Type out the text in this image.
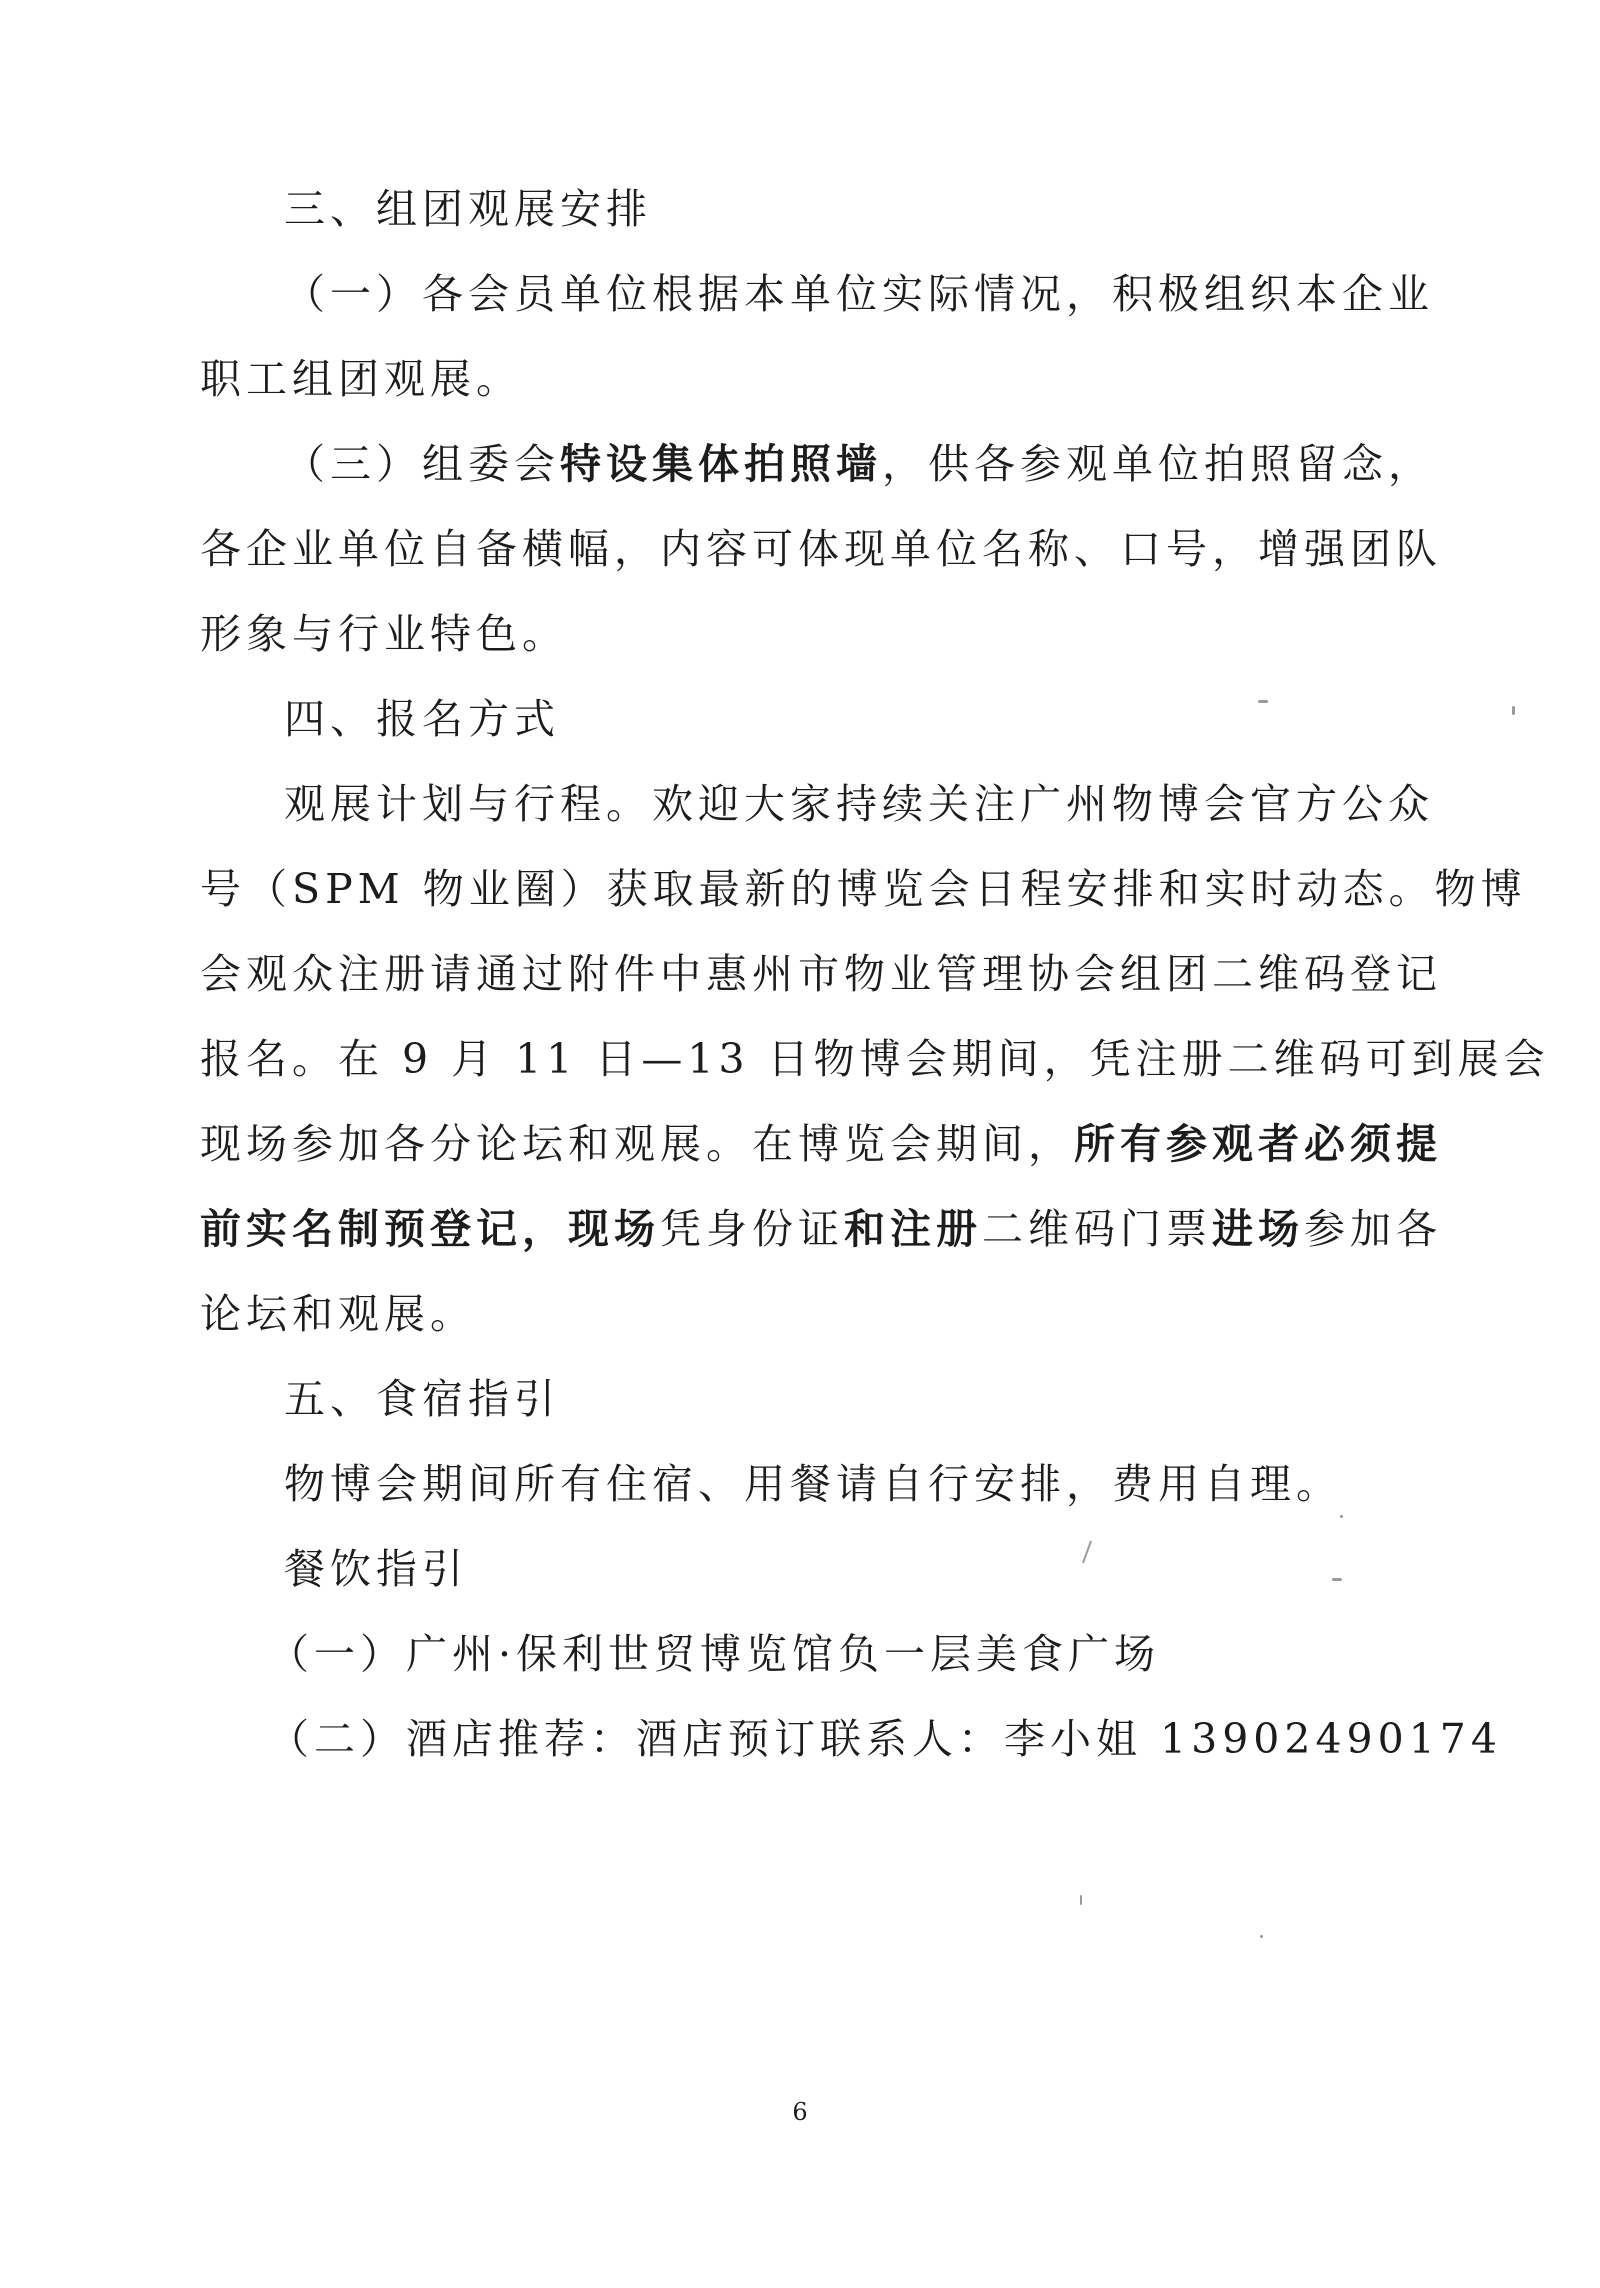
三、组团观展安排
（一）各会员单位根据本单位实际情况，积极组织本企业
职工组团观展。
（三）组委会特设集体拍照墙，供各参观单位拍照留念，
各企业单位自备横幅，内容可体现单位名称、口号，增强团队
形象与行业特色。
四、报名方式
观展计划与行程。欢迎大家持续关注广州物博会官方公众
号（SPM 物业圈）获取最新的博览会日程安排和实时动态。物博
会观众注册请通过附件中惠州市物业管理协会组团二维码登记
报名。在 9 月 11 日—13 日物博会期间，凭注册二维码可到展会
现场参加各分论坛和观展。在博览会期间，所有参观者必须提
前实名制预登记，现场凭身份证和注册二维码门票进场参加各
论坛和观展。
五、食宿指引
物博会期间所有住宿、用餐请自行安排，费用自理。
餐饮指引
（一）广州·保利世贸博览馆负一层美食广场
（二）酒店推荐：酒店预订联系人：李小姐 13902490174
6
